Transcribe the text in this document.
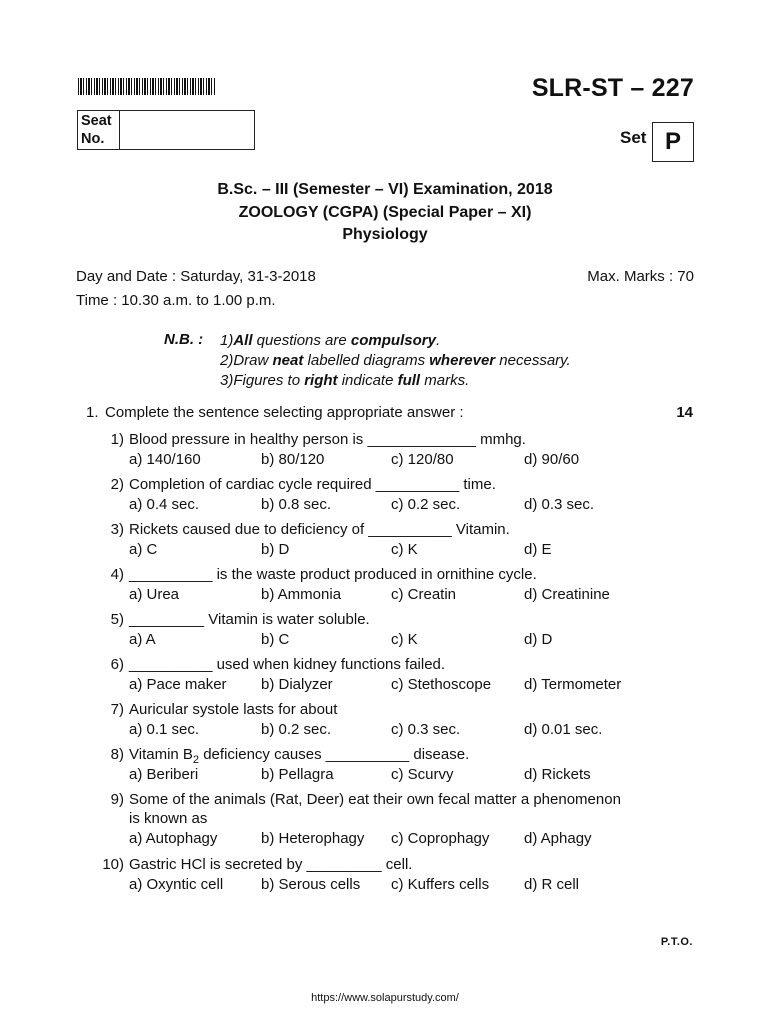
SLR-ST – 227
Seat
No.	Set P
B.Sc. – III (Semester – VI) Examination, 2018
ZOOLOGY (CGPA) (Special Paper – XI)
Physiology
Day and Date : Saturday, 31-3-2018
Time : 10.30 a.m. to 1.00 p.m.
Max. Marks : 70
N.B. : 1)All questions are compulsory.
2)Draw neat labelled diagrams wherever necessary.
3)Figures to right indicate full marks.
1. Complete the sentence selecting appropriate answer :	14
1) Blood pressure in healthy person is _____________ mmhg.
a) 140/160	b) 80/120	c) 120/80	d) 90/60
2) Completion of cardiac cycle required __________ time.
a) 0.4 sec.	b) 0.8 sec.	c) 0.2 sec.	d) 0.3 sec.
3) Rickets caused due to deficiency of __________ Vitamin.
a) C	b) D	c) K	d) E
4) __________ is the waste product produced in ornithine cycle.
a) Urea	b) Ammonia	c) Creatin	d) Creatinine
5) _________ Vitamin is water soluble.
a) A	b) C	c) K	d) D
6) __________ used when kidney functions failed.
a) Pace maker b) Dialyzer	c) Stethoscope d) Termometer
7) Auricular systole lasts for about
a) 0.1 sec.	b) 0.2 sec.	c) 0.3 sec.	d) 0.01 sec.
8) Vitamin $B_2$ deficiency causes __________ disease.
a) Beriberi	b) Pellagra	c) Scurvy	d) Rickets
9) Some of the animals (Rat, Deer) eat their own fecal matter a phenomenon
is known as
a) Autophagy	b) Heterophagy c) Coprophagy d) Aphagy
10) Gastric HCl is secreted by _________ cell.
a) Oxyntic cell	b) Serous cells c) Kuffers cells d) R cell
P.T.O.
https://www.solapurstudy.com/
